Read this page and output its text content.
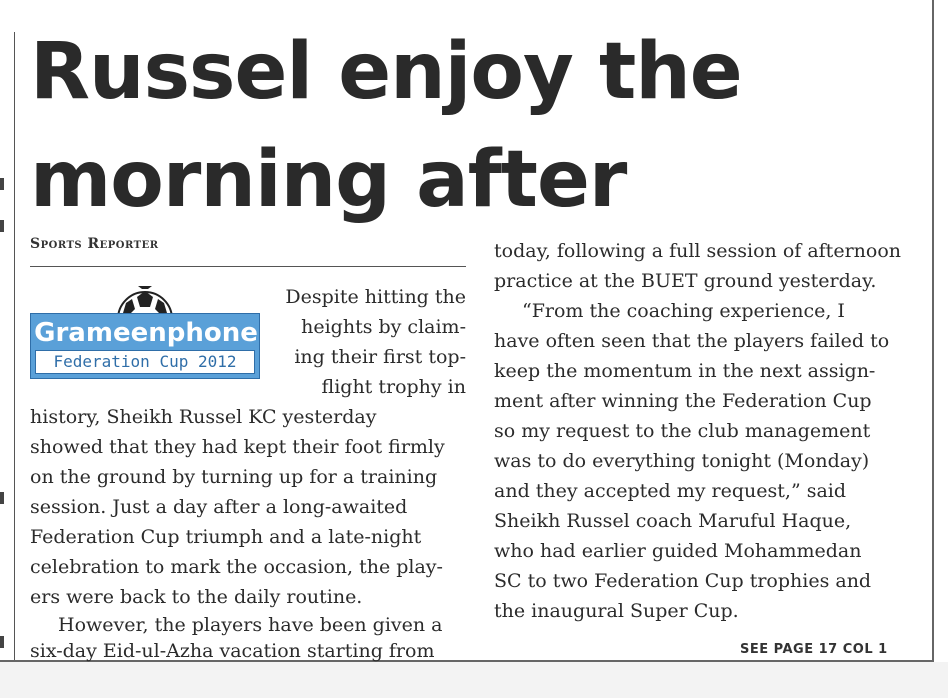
Russel enjoy the
morning after
Sports Reporter
Grameenphone
Federation Cup 2012

Despite hitting the

heights by claim-

ing their first top-

flight trophy in

history, Sheikh Russel KC yesterday

showed that they had kept their foot firmly

on the ground by turning up for a training

session. Just a day after a long-awaited

Federation Cup triumph and a late-night

celebration to mark the occasion, the play-

ers were back to the daily routine.

However, the players have been given a

six-day Eid-ul-Azha vacation starting from

today, following a full session of afternoon

practice at the BUET ground yesterday.

“From the coaching experience, I

have often seen that the players failed to

keep the momentum in the next assign-

ment after winning the Federation Cup

so my request to the club management

was to do everything tonight (Monday)

and they accepted my request,” said

Sheikh Russel coach Maruful Haque,

who had earlier guided Mohammedan

SC to two Federation Cup trophies and

the inaugural Super Cup.

SEE PAGE 17 COL 1
